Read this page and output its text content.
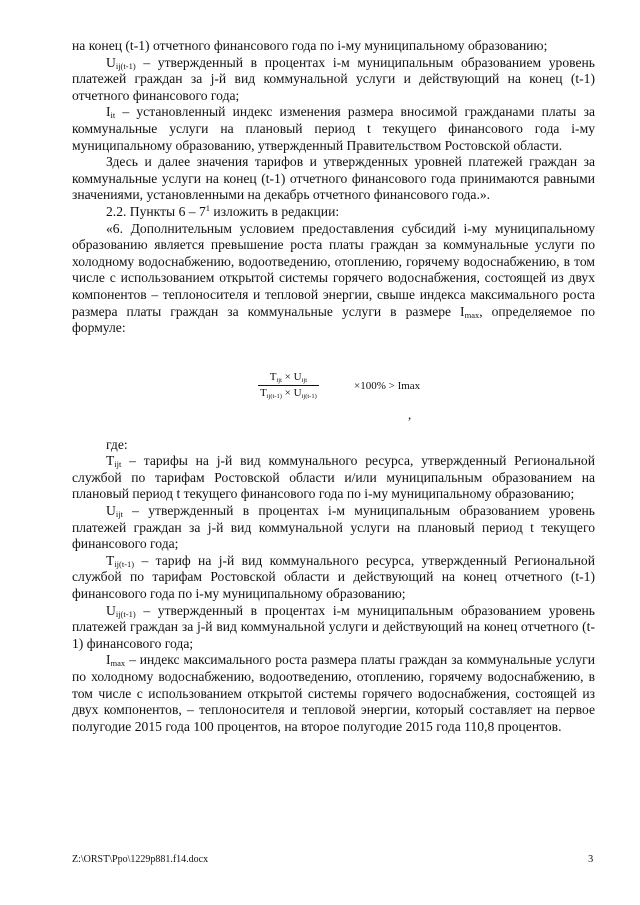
на конец (t-1) отчетного финансового года по i-му муниципальному образованию;

$U_{ij(t-1)}$ – утвержденный в процентах i-м муниципальным образованием уровень платежей граждан за j-й вид коммунальной услуги и действующий на конец (t-1) отчетного финансового года;

$I_{it}$ – установленный индекс изменения размера вносимой гражданами платы за коммунальные услуги на плановый период t текущего финансового года i-му муниципальному образованию, утвержденный Правительством Ростовской области.

Здесь и далее значения тарифов и утвержденных уровней платежей граждан за коммунальные услуги на конец (t-1) отчетного финансового года принимаются равными значениями, установленными на декабрь отчетного финансового года.».

2.2. Пункты $6 - 7^1$ изложить в редакции:

«6. Дополнительным условием предоставления субсидий i-му муниципальному образованию является превышение роста платы граждан за коммунальные услуги по холодному водоснабжению, водоотведению, отоплению, горячему водоснабжению, в том числе с использованием открытой системы горячего водоснабжения, состоящей из двух компонентов – теплоносителя и тепловой энергии, свыше индекса максимального роста размера платы граждан за коммунальные услуги в размере $I_{max}$, определяемое по формуле:

Tijt × Uijt
Tij(t-1) × Uij(t-1)
×100% > Imax
,

где:

$T_{ijt}$ – тарифы на j-й вид коммунального ресурса, утвержденный Региональной службой по тарифам Ростовской области и/или муниципальным образованием на плановый период t текущего финансового года по i-му муниципальному образованию;

$U_{ijt}$ – утвержденный в процентах i-м муниципальным образованием уровень платежей граждан за j-й вид коммунальной услуги на плановый период t текущего финансового года;

$T_{ij(t-1)}$ – тариф на j-й вид коммунального ресурса, утвержденный Региональной службой по тарифам Ростовской области и действующий на конец отчетного (t-1) финансового года по i-му муниципальному образованию;

$U_{ij(t-1)}$ – утвержденный в процентах i-м муниципальным образованием уровень платежей граждан за j-й вид коммунальной услуги и действующий на конец отчетного (t-1) финансового года;

$I_{max}$ – индекс максимального роста размера платы граждан за коммунальные услуги по холодному водоснабжению, водоотведению, отоплению, горячему водоснабжению, в том числе с использованием открытой системы горячего водоснабжения, состоящей из двух компонентов, – теплоносителя и тепловой энергии, который составляет на первое полугодие 2015 года 100 процентов, на второе полугодие 2015 года 110,8 процентов.

Z:\ORST\Ppo\1229p881.f14.docx	3
